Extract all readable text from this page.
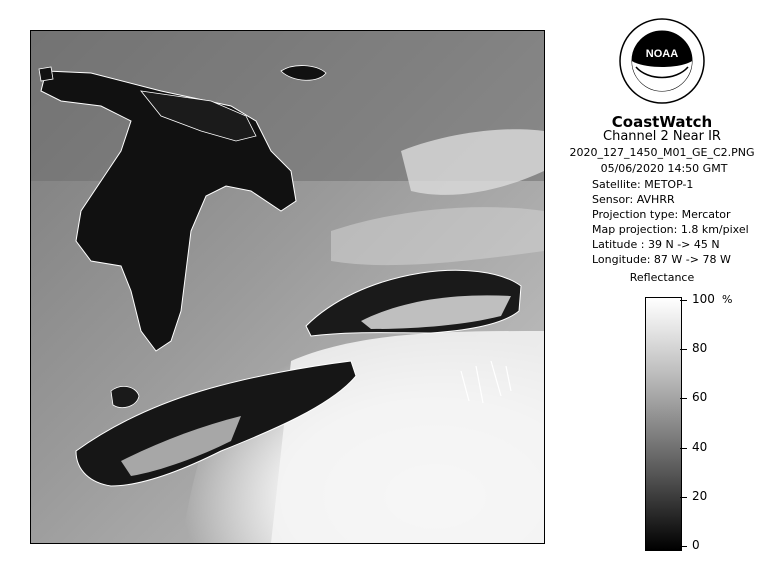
NOAA
CoastWatch
Channel 2 Near IR
2020_127_1450_M01_GE_C2.PNG
05/06/2020 14:50 GMT
Satellite: METOP-1
Sensor: AVHRR
Projection type: Mercator
Map projection: 1.8 km/pixel
Latitude : 39 N -> 45 N
Longitude: 87 W -> 78 W
Reflectance
%
100
80
60
40
20
0
